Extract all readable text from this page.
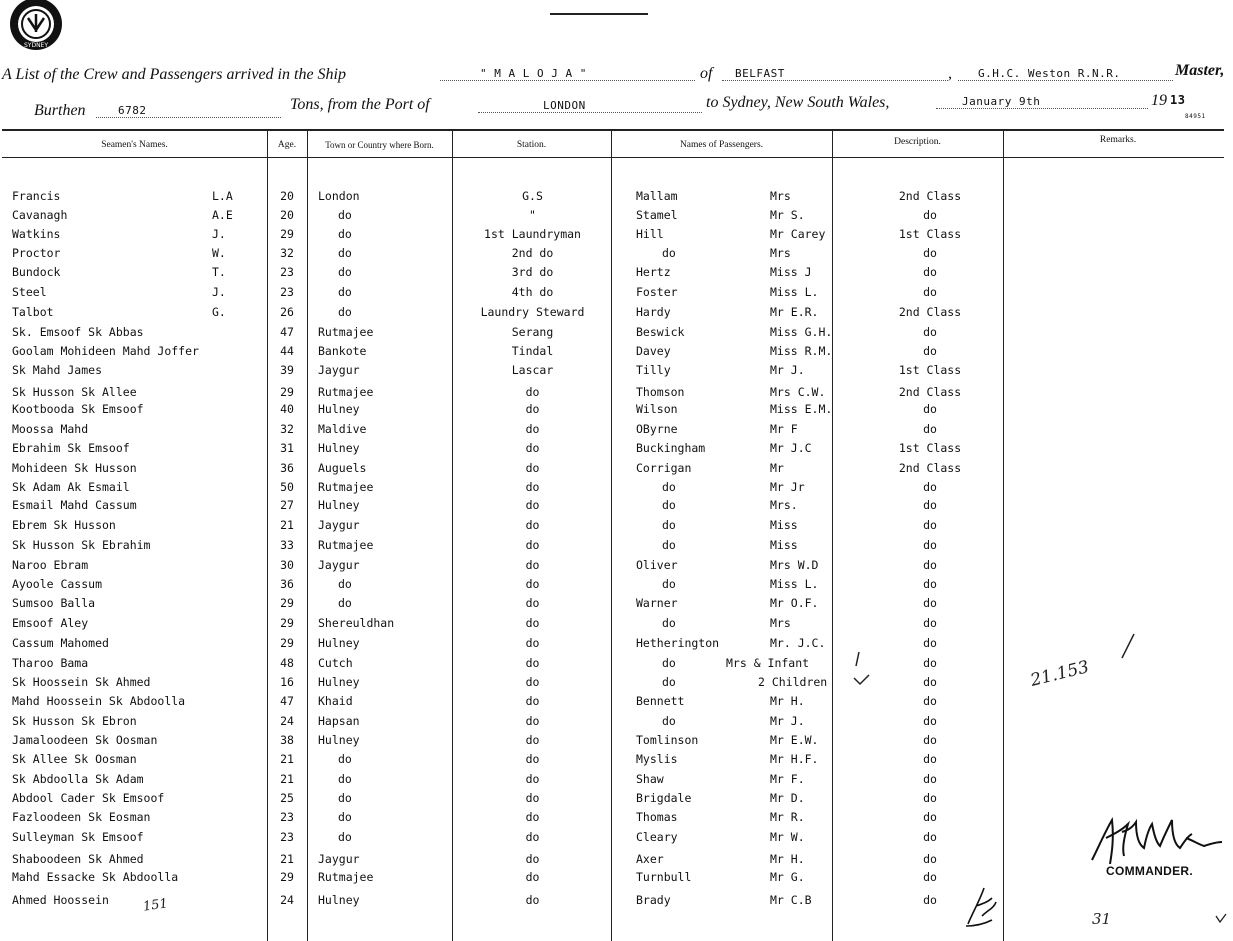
SYDNEY
A List of the Crew and Passengers arrived in the Ship	" M A L O J A "	of BELFAST	, G.H.C. Weston R.N.R.	Master,
Burthen	6782	Tons, from the Port of	LONDON	to Sydney, New South Wales,	January 9th	19 13
84951
Seamen's Names.	Age.	Town or Country where Born.	Station.	Names of Passengers.	Description.	Remarks.
Francis	L.A	20	London	G.S	Mallam	Mrs	2nd Class
Cavanagh	A.E	20	do	"	Stamel	Mr S.	do
Watkins	J.	29	do	1st Laundryman	Hill	Mr Carey	1st Class
Proctor	W.	32	do	2nd do	do	Mrs	do
Bundock	T.	23	do	3rd do	Hertz	Miss J	do
Steel	J.	23	do	4th do	Foster	Miss L.	do
Talbot	G.	26	do	Laundry Steward	Hardy	Mr E.R.	2nd Class
Sk. Emsoof Sk Abbas	47	Rutmajee	Serang	Beswick	Miss G.H.	do
Goolam Mohideen Mahd Joffer	44	Bankote	Tindal	Davey	Miss R.M.	do
Sk Mahd James	39	Jaygur	Lascar	Tilly	Mr J.	1st Class
Sk Husson Sk Allee	29	Rutmajee	do	Thomson	Mrs C.W.	2nd Class
Kootbooda Sk Emsoof	40	Hulney	do	Wilson	Miss E.M.	do
Moossa Mahd	32	Maldive	do	OByrne	Mr F	do
Ebrahim Sk Emsoof	31	Hulney	do	Buckingham	Mr J.C	1st Class
Mohideen Sk Husson	36	Auguels	do	Corrigan	Mr	2nd Class
Sk Adam Ak Esmail	50	Rutmajee	do	do	Mr Jr	do
Esmail Mahd Cassum	27	Hulney	do	do	Mrs.	do
Ebrem Sk Husson	21	Jaygur	do	do	Miss	do
Sk Husson Sk Ebrahim	33	Rutmajee	do	do	Miss	do
Naroo Ebram	30	Jaygur	do	Oliver	Mrs W.D	do
Ayoole Cassum	36	do	do	do	Miss L.	do
Sumsoo Balla	29	do	do	Warner	Mr O.F.	do
Emsoof Aley	29	Shereuldhan	do	do	Mrs	do
Cassum Mahomed	29	Hulney	do	Hetherington	Mr. J.C.	do
Tharoo Bama	48	Cutch	do	do	Mrs & Infant	do
Sk Hoossein Sk Ahmed	16	Hulney	do	do	2 Children	do
Mahd Hoossein Sk Abdoolla	47	Khaid	do	Bennett	Mr H.	do
Sk Husson Sk Ebron	24	Hapsan	do	do	Mr J.	do
Jamaloodeen Sk Oosman	38	Hulney	do	Tomlinson	Mr E.W.	do
Sk Allee Sk Oosman	21	do	do	Myslis	Mr H.F.	do
Sk Abdoolla Sk Adam	21	do	do	Shaw	Mr F.	do
Abdool Cader Sk Emsoof	25	do	do	Brigdale	Mr D.	do
Fazloodeen Sk Eosman	23	do	do	Thomas	Mr R.	do
Sulleyman Sk Emsoof	23	do	do	Cleary	Mr W.	do
Shaboodeen Sk Ahmed	21	Jaygur	do	Axer	Mr H.	do
Mahd Essacke Sk Abdoolla	29	Rutmajee	do	Turnbull	Mr G.	do
Ahmed Hoossein	24	Hulney	do	Brady	Mr C.B	do
21.153
151
31
COMMANDER.
